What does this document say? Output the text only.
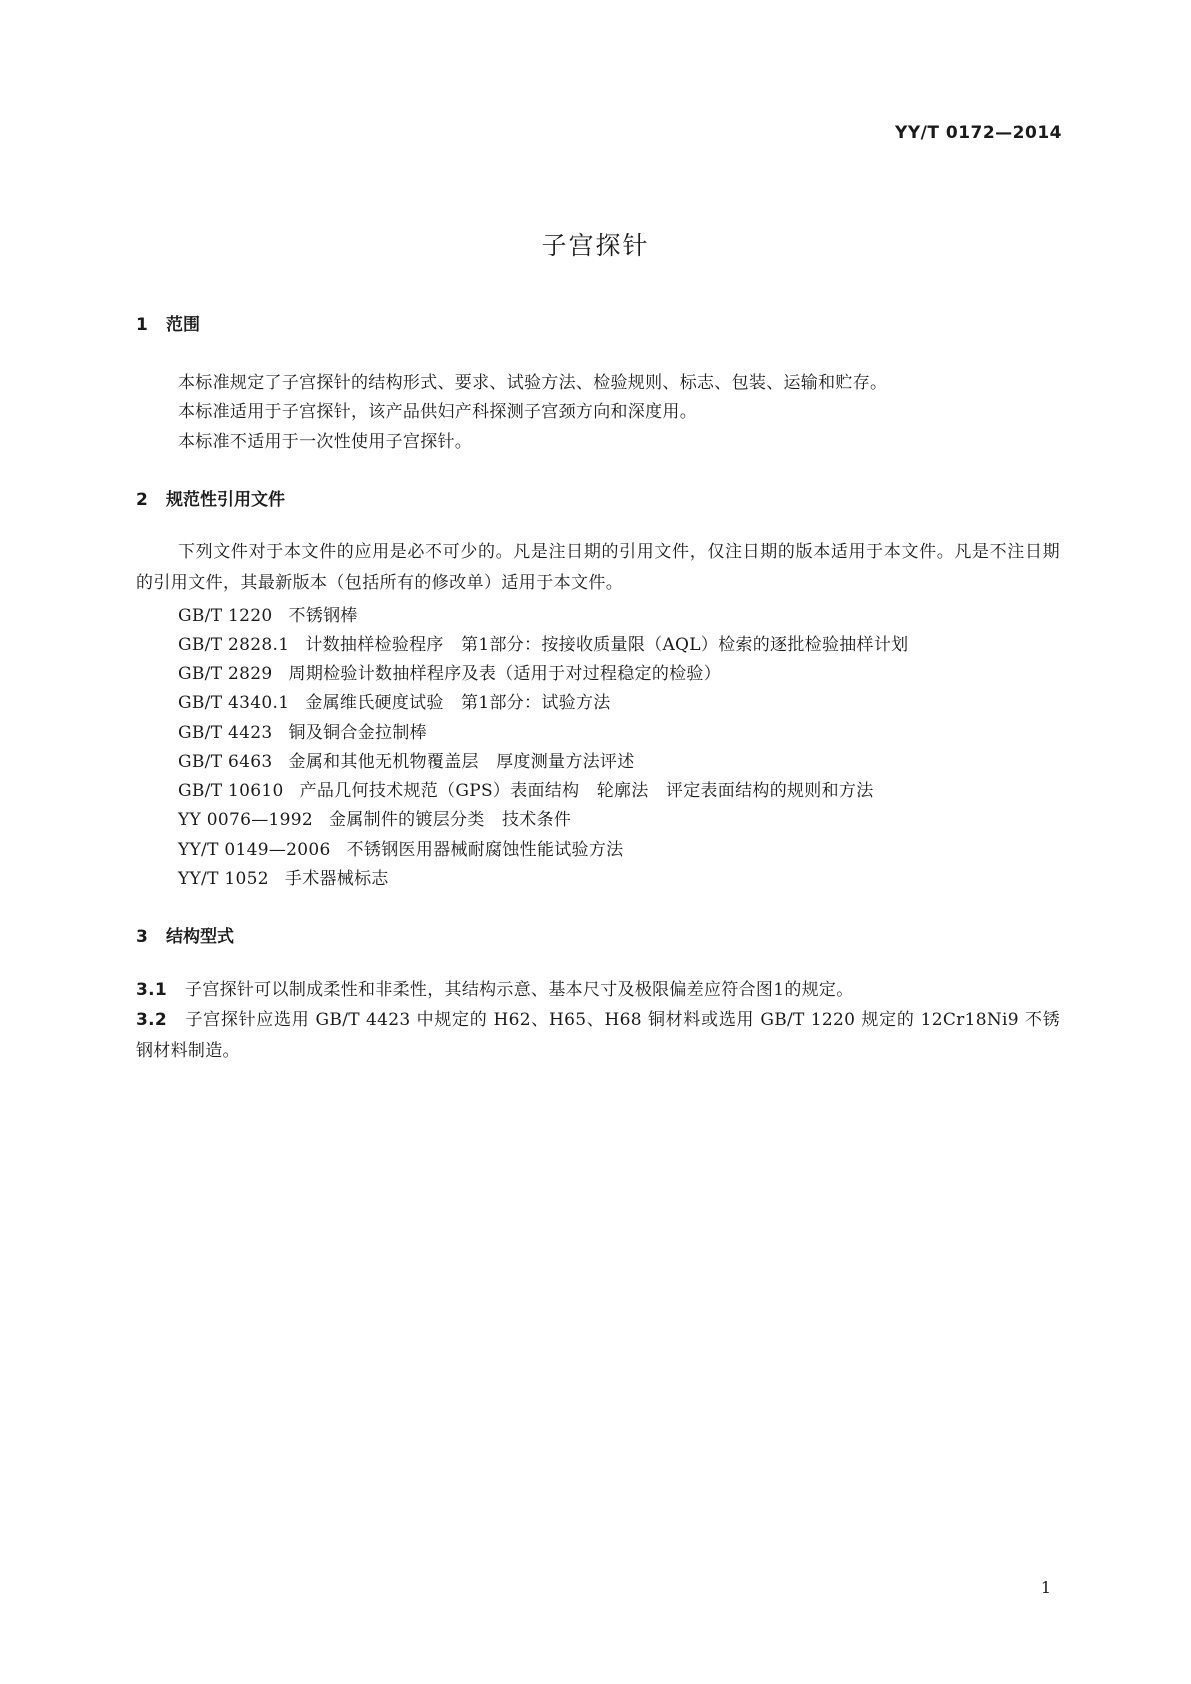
YY/T 0172—2014
子宫探针
1 范围
本标准规定了子宫探针的结构形式、要求、试验方法、检验规则、标志、包装、运输和贮存。
本标准适用于子宫探针，该产品供妇产科探测子宫颈方向和深度用。
本标准不适用于一次性使用子宫探针。
2 规范性引用文件
下列文件对于本文件的应用是必不可少的。凡是注日期的引用文件，仅注日期的版本适用于本文件。凡是不注日期的引用文件，其最新版本（包括所有的修改单）适用于本文件。
GB/T 1220 不锈钢棒
GB/T 2828.1 计数抽样检验程序　第1部分：按接收质量限（AQL）检索的逐批检验抽样计划
GB/T 2829 周期检验计数抽样程序及表（适用于对过程稳定的检验）
GB/T 4340.1 金属维氏硬度试验　第1部分：试验方法
GB/T 4423 铜及铜合金拉制棒
GB/T 6463 金属和其他无机物覆盖层　厚度测量方法评述
GB/T 10610 产品几何技术规范（GPS）表面结构　轮廓法　评定表面结构的规则和方法
YY 0076—1992 金属制件的镀层分类　技术条件
YY/T 0149—2006 不锈钢医用器械耐腐蚀性能试验方法
YY/T 1052 手术器械标志
3 结构型式
3.1 子宫探针可以制成柔性和非柔性，其结构示意、基本尺寸及极限偏差应符合图1的规定。
3.2 子宫探针应选用 GB/T 4423 中规定的 H62、H65、H68 铜材料或选用 GB/T 1220 规定的 12Cr18Ni9 不锈钢材料制造。
1
